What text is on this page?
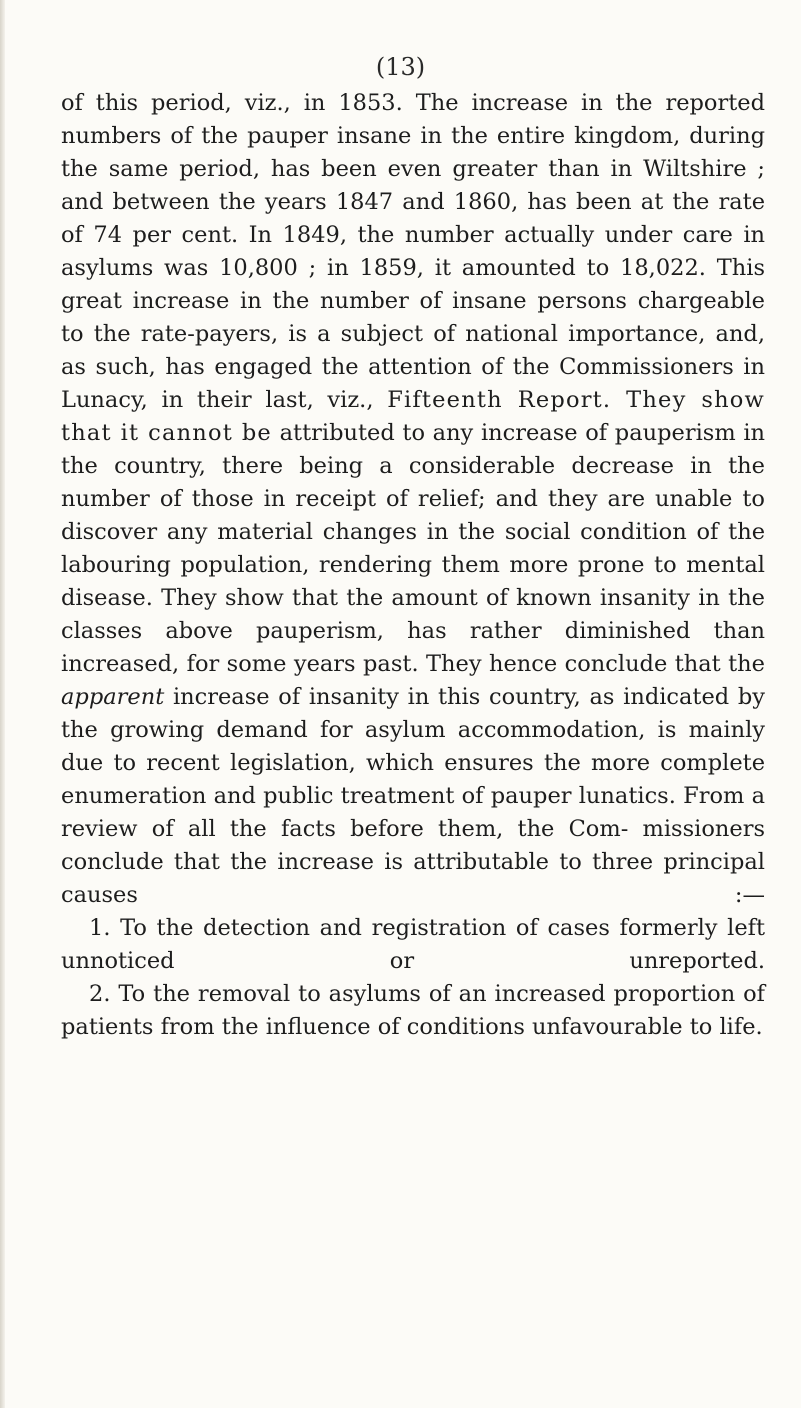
(13)

of this period, viz., in 1853. The increase in the reported numbers of the pauper insane in the entire kingdom, during the same period, has been even greater than in Wiltshire ; and between the years 1847 and 1860, has been at the rate of 74 per cent. In 1849, the number actually under care in asylums was 10,800 ; in 1859, it amounted to 18,022. This great increase in the number of insane persons chargeable to the rate-payers, is a subject of national importance, and, as such, has engaged the attention of the Commissioners in Lunacy, in their last, viz., Fifteenth Report. They show that it cannot be attributed to any increase of pauperism in the country, there being a considerable decrease in the number of those in receipt of relief; and they are unable to discover any material changes in the social condition of the labouring population, rendering them more prone to mental disease. They show that the amount of known insanity in the classes above pauperism, has rather diminished than increased, for some years past. They hence conclude that the apparent increase of insanity in this country, as indicated by the growing demand for asylum accommodation, is mainly due to recent legislation, which ensures the more complete enumeration and public treatment of pauper lunatics. From a review of all the facts before them, the Com- missioners conclude that the increase is attributable to three principal causes :—

1. To the detection and registration of cases formerly left unnoticed or unreported.

2. To the removal to asylums of an increased proportion of patients from the influence of conditions unfavourable to life.
